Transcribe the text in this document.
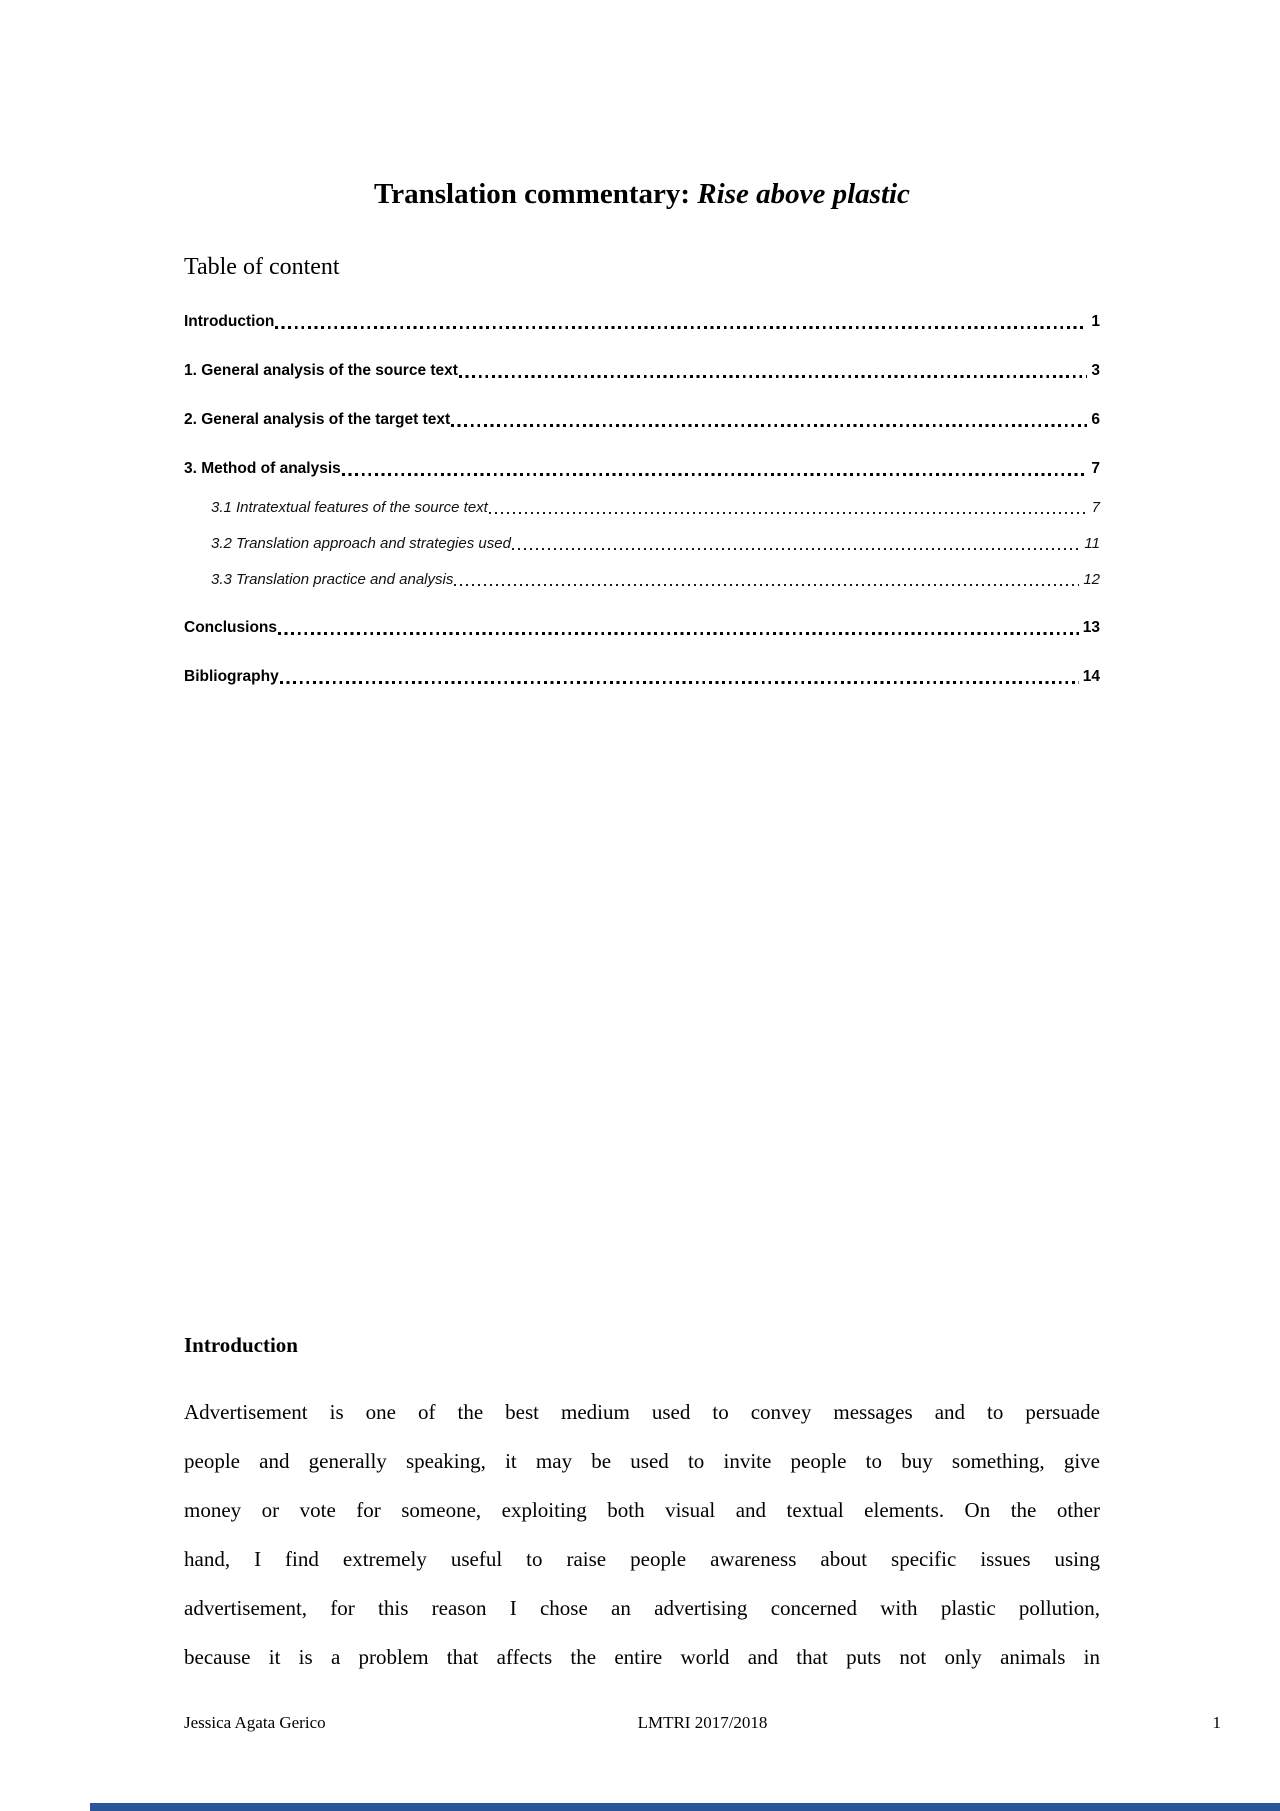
Translation commentary: Rise above plastic
Table of content
Introduction	1
1. General analysis of the source text	3
2. General analysis of the target text	6
3. Method of analysis	7
3.1 Intratextual features of the source text	7
3.2 Translation approach and strategies used	11
3.3 Translation practice and analysis	12
Conclusions	13
Bibliography	14
Introduction
Advertisement is one of the best medium used to convey messages and to persuade
people and generally speaking, it may be used to invite people to buy something, give
money or vote for someone, exploiting both visual and textual elements. On the other
hand, I find extremely useful to raise people awareness about specific issues using
advertisement, for this reason I chose an advertising concerned with plastic pollution,
because it is a problem that affects the entire world and that puts not only animals in
Jessica Agata Gerico	LMTRI 2017/2018	1
